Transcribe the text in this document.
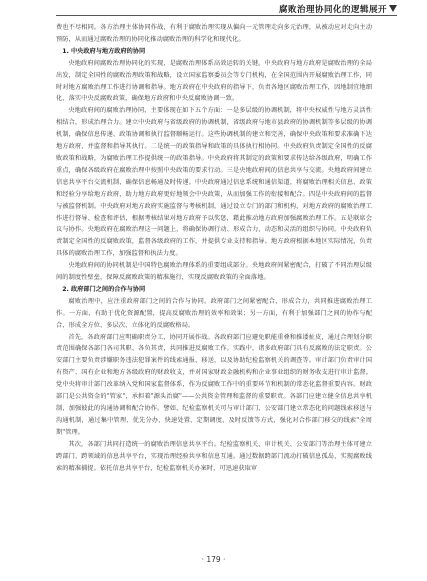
腐败治理协同化的逻辑展开

费也不尽相同。各方治理主体协同作战，有利于腐败治理实现从偏向一元管理走向多元治理，从被动应对走向主动预防，从而通过腐败治理的协同化推动腐败治理的科学化和现代化。

1. 中央政府与地方政府的协同

央地政府间腐败治理协同化的实现，是腐败治理体系高效运转的关键。中央政府与地方政府是腐败治理的全局出发，制定全国性的腐败治理政策和战略，设立国家监察委员会等专门机构，在全国范围内开展腐败治理工作，同时对地方腐败治理工作进行协调和指导。地方政府在中央政府的指导下，负责各地区腐败治理工作，因地制宜地细化、落实中央反腐败政策，确保地方政府和中央反腐败协调一致。

央地政府间的腐败治理协同，主要体现在如下五个方面：一是多层级的协调机制，将中央权威性与地方灵活性相结合，形成治理合力。建立中央政府与省级政府的协调机制，省级政府与地市县政府的协调机制等多层级的协调机制，确保信息传递、政策协调和执行监督顺畅运行。这些协调机制的建立和完善，确保中央政策和要求准确下达地方政府，并监督和指导其执行。二是统一的政策指导和政策的具体执行相协同。中央政府负责制定全国性的反腐败政策和战略，为腐败治理工作提供统一的政策指导。中央政府将其制定的政策和要求传达给各级政府，明确工作重点，确保各级政府在腐败治理中按照中央政策的要求行动。三是央地政府间的信息共享与交流。央地政府间建立信息共享平台交流机制，确保信息畅通及时传递。中央政府通过信息系统和通信渠道，将腐败治理相关信息、政策和经验分享给地方政府，助力地方政府更好地领会中央政策，从而加强工作的衔接和配合。四是中央政府间的监督与被监督机制。中央政府对地方政府实施监督与考核机制，通过设立专门的部门和机构，对地方政府的腐败治理工作进行督导、检查和评估，根据考核结果对地方政府予以奖惩，藉此推动地方政府加强腐败治理工作。五是联席会议与协作。央地政府在腐败治理这一问题上，将确保协调行动、形成合力，动态和灵活的组织与协同。中央政府负责制定全国性的反腐败政策，监督各级政府的工作，并提供专业支持和指导。地方政府根据本地区实际情况，负责具体的腐败治理工作，加强监督和执法力度。

央地政府间的协同机制是中国特色腐败治理体系的重要组成部分。央地政府间紧密配合，打破了不同治理层级间的制度性壁垒，保障反腐败政策的精准施行，实现反腐败政策的全面落地。

2. 政府部门之间的合作与协同

腐败治理中，应注重政府部门之间的合作与协同。政府部门之间紧密配合、形成合力，共同推进腐败治理工作。一方面，有助于优化资源配置，提高反腐败治理的效率和效果；另一方面，有利于加强部门之间的协作与配合，形成全方位、多层次、立体化的反腐败格局。

首先，各政府部门应明确职责分工，协同开展作战。各政府部门应避免职能重叠和推诿扯皮，通过合理划分职责范围确保各部门各司其职、各负其责，共同推进反腐败工作。实践中，诸多政府部门具有反腐败的法定职责。公安部门主要负责涉嫌职务违法犯罪案件的线索通报、移送，以及协助纪检监察机关的调查等。审计部门负责审计国有资产、国有企业和地方各级政府的财政收支，并对国家财政金融机构和企业事业组织的财务收支进行审计监督。党中央将审计部门改革纳入党和国家监督体系，作为反腐败工作中的重要环节和机制的常态化监督重要内容。财政部门是公共资金的"管家"，承担着"源头治腐"——公共资金管理和监督的重要职责。各部门应建立健全信息共享机制，加强彼此的沟通协调和配合协作。譬如，纪检监察机关可与审计部门、公安部门建立常态化的问题线索移送与沟通机制，通过集中管理、优先分办、快速处置，定期调度、及时反馈等方式，强化对合作部门移交的线索"全周期"管理。

其次，各部门共同打造统一的腐败治理信息共享平台。纪检监察机关、审计机关、公安部门等治理主体可建立跨部门、跨领域的信息共享平台，实现治理经验共享和信息互通。通过数据跨部门流动打破信息孤岛，实现腐败线索的精准捕捉。依托信息共享平台，纪检监察机关办案时，可迅速获取审

· 179 ·
